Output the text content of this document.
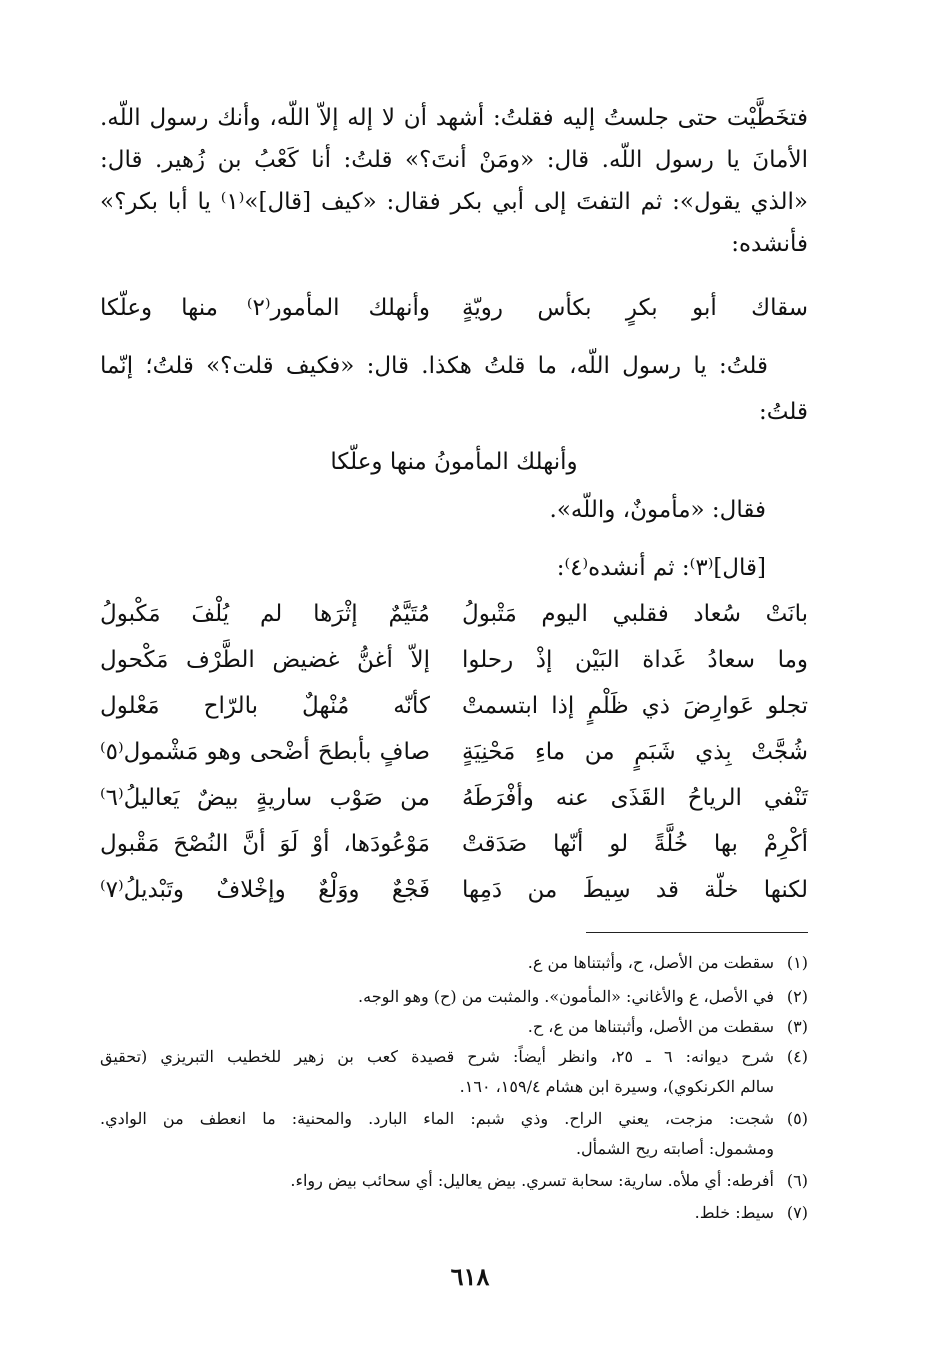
فتخَطَّيْت حتى جلستُ إليه فقلتُ: أشهد أن لا إله إلاّ اللّه، وأنك رسول اللّه.
الأمانَ يا رسول اللّه. قال: «ومَنْ أنتَ؟» قلتُ: أنا كَعْبُ بن زُهير. قال:
«الذي يقول»: ثم التفتَ إلى أبي بكر فقال: «كيف [قال]»⁽١⁾ يا أبا بكر؟»
فأنشده:
سقاك أبو بكرٍ بكأس رويّةٍ
وأنهلك المأمور⁽٢⁾ منها وعلّكا
قلتُ: يا رسول اللّه، ما قلتُ هكذا. قال: «فكيف قلت؟» قلتُ؛ إنّما
قلتُ:
وأنهلك المأمونُ منها وعلّكا
فقال: «مأمونٌ، واللّه».
[قال]⁽٣⁾: ثم أنشده⁽٤⁾:
بانَتْ سُعاد فقلبي اليوم مَتْبولُ
مُتَيَّمٌ إثْرَها لم يُلْفَ مَكْبولُ
وما سعادُ غَداة البَيْن إذْ رحلوا
إلاّ أغنُّ غضيض الطَّرْف مَكْحول
تجلو عَوارِضَ ذي ظَلْمٍ إذا ابتسمتْ
كأنّه مُنْهلٌ بالرّاح مَعْلول
شُجَّتْ بِذي شَبَمٍ من ماءِ مَحْنِيَةٍ
صافٍ بأبطحَ أضْحى وهو مَشْمول⁽٥⁾
تَنْفي الرياحُ القَذَى عنه وأفْرَطَهُ
من صَوْب ساريةٍ بيضٌ يَعاليلُ⁽٦⁾
أكْرِمْ بها خُلَّةً لو أنّها صَدَقتْ
مَوْعُودَها، أوْ لَوَ أنَّ النُصْحَ مَقْبول
لكنها خلّة قد سِيطَ من دَمِها
فَجْعٌ ووَلْعٌ وإخْلافٌ وتَبْديلُ⁽٧⁾
(١)سقطت من الأصل، ح، وأثبتناها من ع.
(٢)في الأصل، ع والأغاني: «المأمون». والمثبت من (ح) وهو الوجه.
(٣)سقطت من الأصل، وأثبتناها من ع، ح.
(٤)شرح ديوانه: ٦ ـ ٢٥، وانظر أيضاً: شرح قصيدة كعب بن زهير للخطيب التبريزي (تحقيق
سالم الكرنكوي)، وسيرة ابن هشام ١٥٩/٤، ١٦٠.
(٥)شجت: مزجت، يعني الراح. وذي شبم: الماء البارد. والمحنية: ما انعطف من الوادي.
ومشمول: أصابته ريح الشمأل.
(٦)أفرطه: أي ملأه. سارية: سحابة تسري. بيض يعاليل: أي سحائب بيض رواء.
(٧)سيط: خلط.
٦١٨
